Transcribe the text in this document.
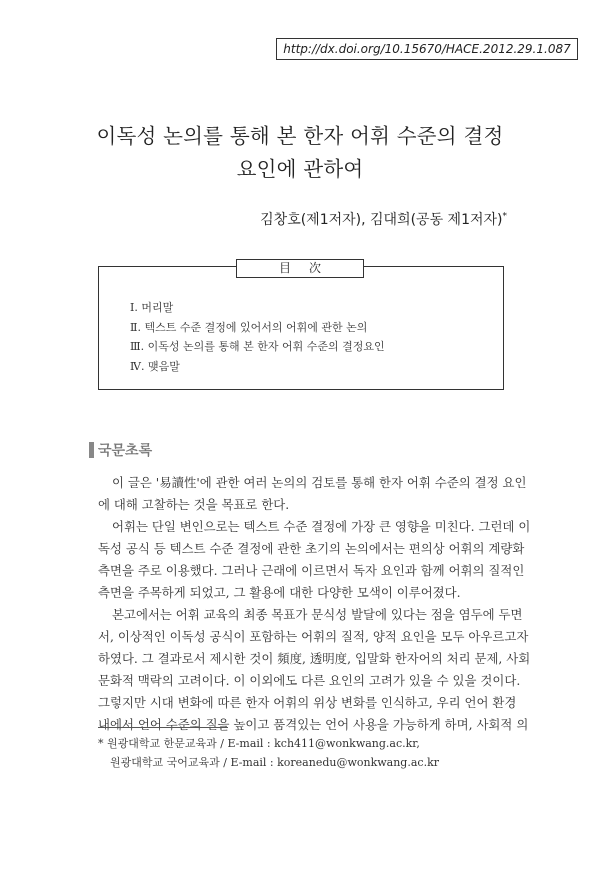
http://dx.doi.org/10.15670/HACE.2012.29.1.087
이독성 논의를 통해 본 한자 어휘 수준의 결정
요인에 관하여
김창호(제1저자), 김대희(공동 제1저자)*
目次
Ⅰ. 머리말
Ⅱ. 텍스트 수준 결정에 있어서의 어휘에 관한 논의
Ⅲ. 이독성 논의를 통해 본 한자 어휘 수준의 결정요인
Ⅳ. 맺음말
국문초록

이 글은 '易讀性'에 관한 여러 논의의 검토를 통해 한자 어휘 수준의 결정 요인

에 대해 고찰하는 것을 목표로 한다.

어휘는 단일 변인으로는 텍스트 수준 결정에 가장 큰 영향을 미친다. 그런데 이

독성 공식 등 텍스트 수준 결정에 관한 초기의 논의에서는 편의상 어휘의 계량화

측면을 주로 이용했다. 그러나 근래에 이르면서 독자 요인과 함께 어휘의 질적인

측면을 주목하게 되었고, 그 활용에 대한 다양한 모색이 이루어졌다.

본고에서는 어휘 교육의 최종 목표가 문식성 발달에 있다는 점을 염두에 두면

서, 이상적인 이독성 공식이 포함하는 어휘의 질적, 양적 요인을 모두 아우르고자

하였다. 그 결과로서 제시한 것이 頻度, 透明度, 입말화 한자어의 처리 문제, 사회

문화적 맥락의 고려이다. 이 이외에도 다른 요인의 고려가 있을 수 있을 것이다.

그렇지만 시대 변화에 따른 한자 어휘의 위상 변화를 인식하고, 우리 언어 환경

내에서 언어 수준의 질을 높이고 품격있는 언어 사용을 가능하게 하며, 사회적 의

* 원광대학교 한문교육과 / E-mail : kch411@wonkwang.ac.kr,
원광대학교 국어교육과 / E-mail : koreanedu@wonkwang.ac.kr
